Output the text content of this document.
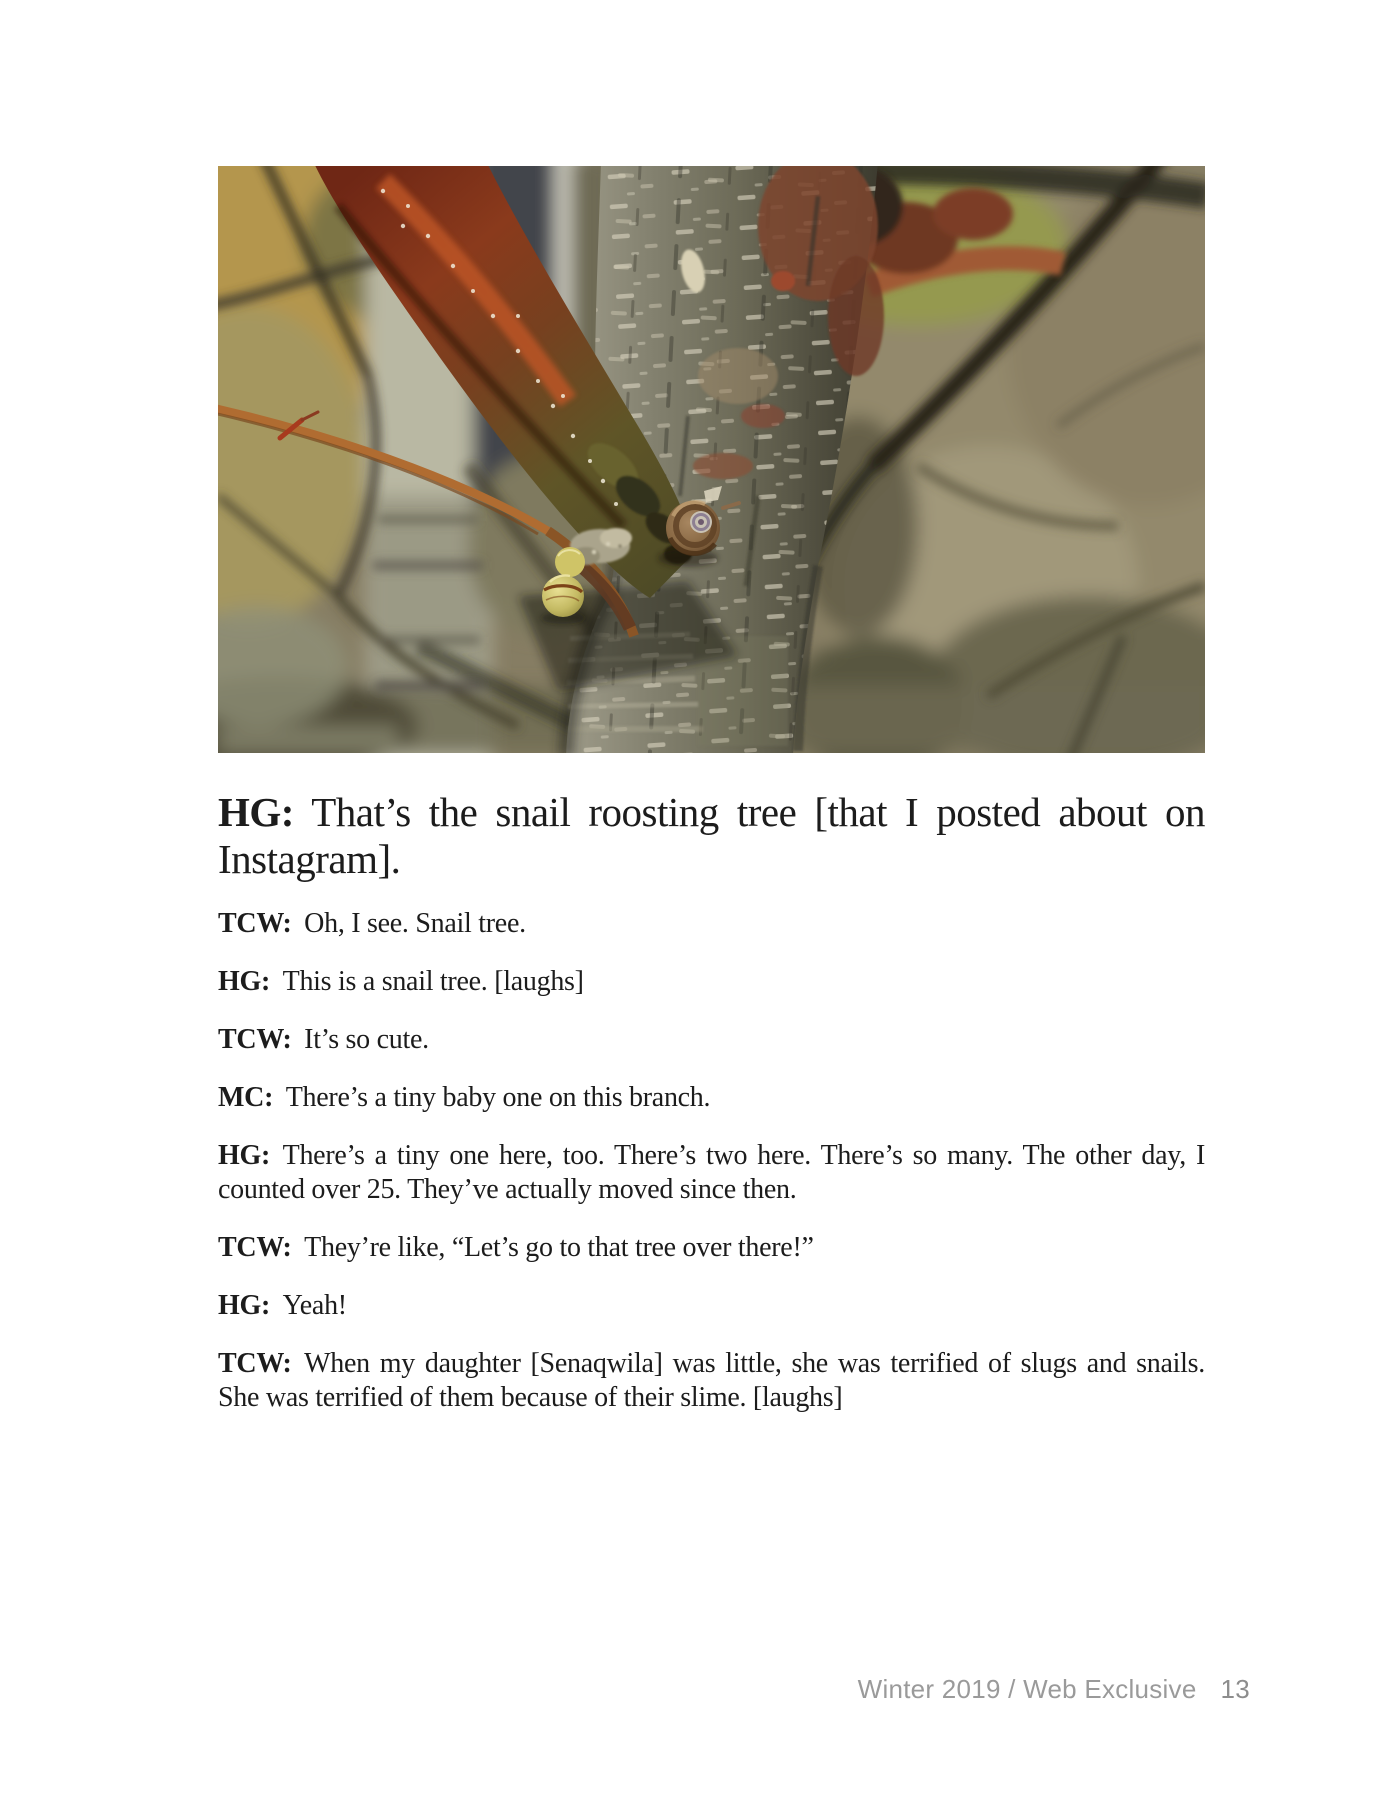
HG: That’s the snail roosting tree [that I posted about on Instagram].

TCW: Oh, I see. Snail tree.

HG: This is a snail tree. [laughs]

TCW: It’s so cute.

MC: There’s a tiny baby one on this branch.

HG: There’s a tiny one here, too. There’s two here. There’s so many. The other day, I counted over 25. They’ve actually moved since then.

TCW: They’re like, “Let’s go to that tree over there!”

HG: Yeah!

TCW: When my daughter [Senaqwila] was little, she was terrified of slugs and snails. She was terrified of them because of their slime. [laughs]

Winter 2019 / Web Exclusive 13
